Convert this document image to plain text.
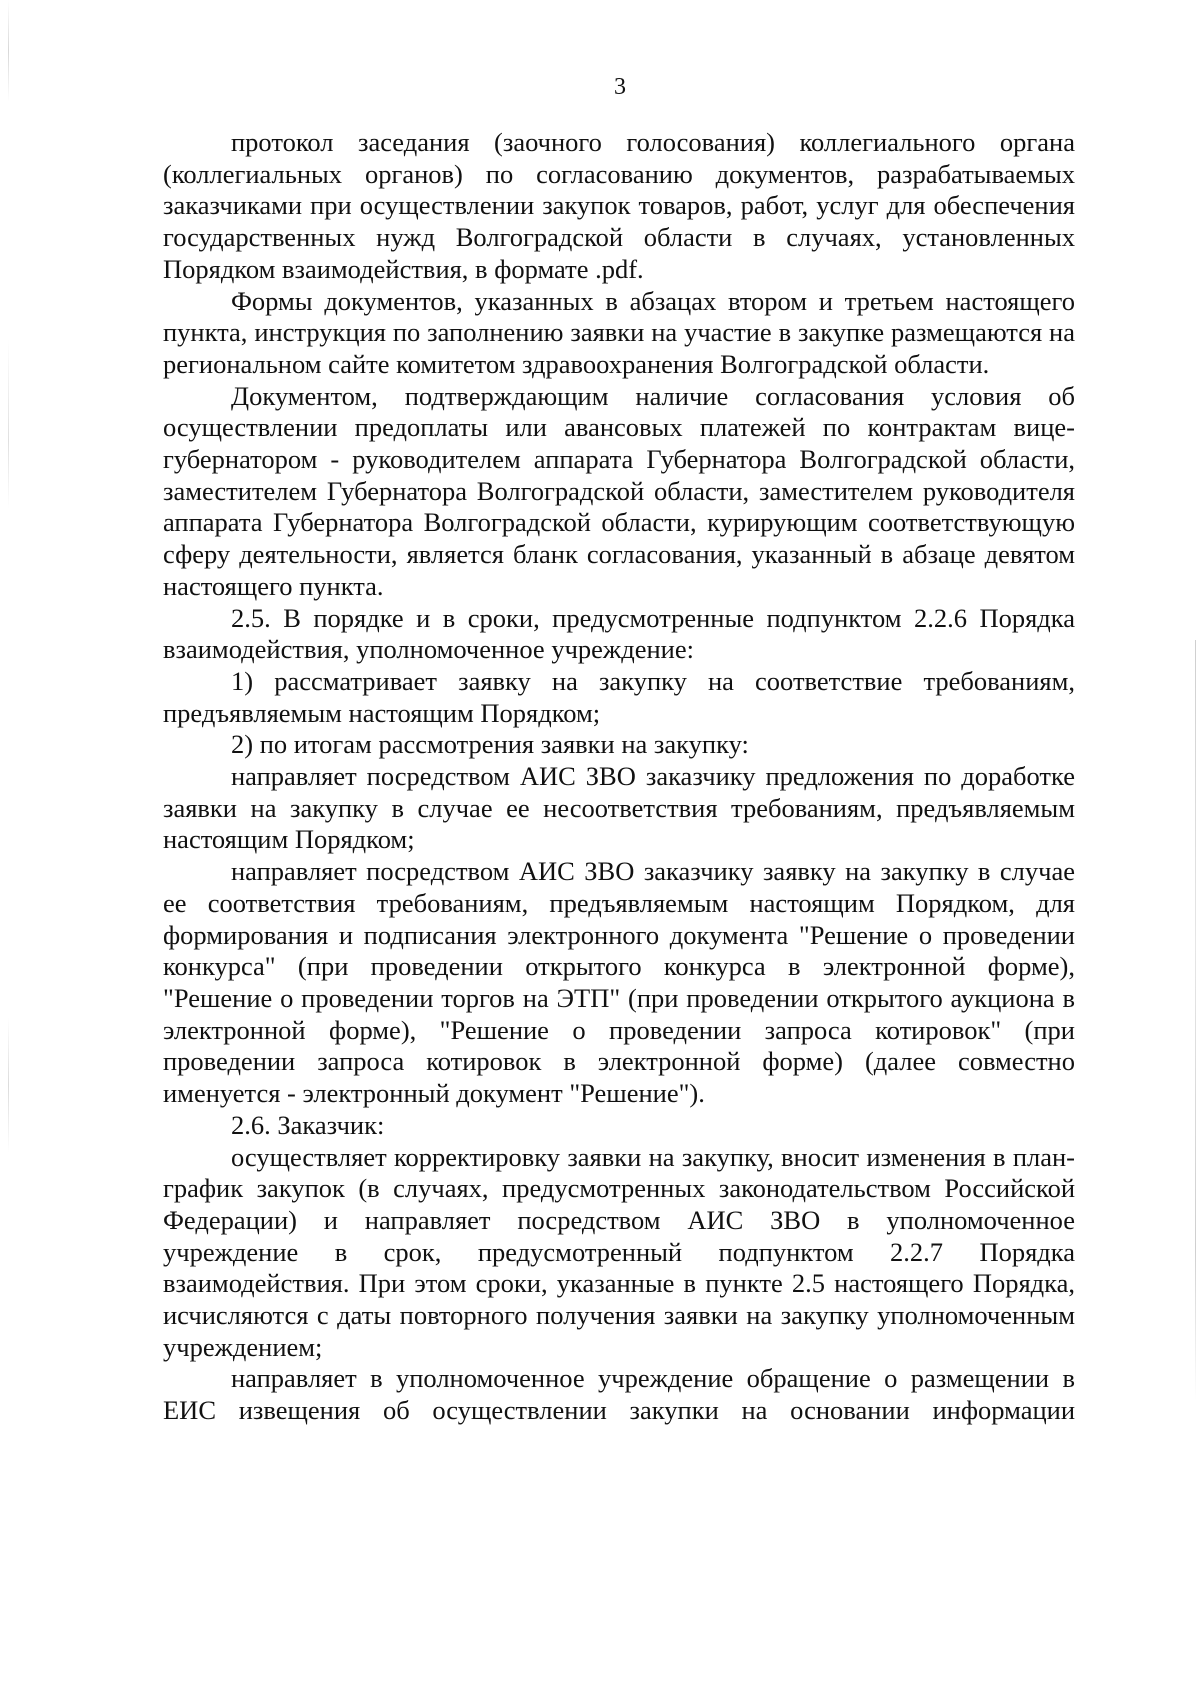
3

протокол заседания (заочного голосования) коллегиального органа (коллегиальных органов) по согласованию документов, разрабатываемых заказчиками при осуществлении закупок товаров, работ, услуг для обеспечения государственных нужд Волгоградской области в случаях, установленных Порядком взаимодействия, в формате .pdf.

Формы документов, указанных в абзацах втором и третьем настоящего пункта, инструкция по заполнению заявки на участие в закупке размещаются на региональном сайте комитетом здравоохранения Волгоградской области.

Документом, подтверждающим наличие согласования условия об осуществлении предоплаты или авансовых платежей по контрактам вице-губернатором - руководителем аппарата Губернатора Волгоградской области, заместителем Губернатора Волгоградской области, заместителем руководителя аппарата Губернатора Волгоградской области, курирующим соответствующую сферу деятельности, является бланк согласования, указанный в абзаце девятом настоящего пункта.

2.5. В порядке и в сроки, предусмотренные подпунктом 2.2.6 Порядка взаимодействия, уполномоченное учреждение:

1) рассматривает заявку на закупку на соответствие требованиям, предъявляемым настоящим Порядком;

2) по итогам рассмотрения заявки на закупку:

направляет посредством АИС ЗВО заказчику предложения по доработке заявки на закупку в случае ее несоответствия требованиям, предъявляемым настоящим Порядком;

направляет посредством АИС ЗВО заказчику заявку на закупку в случае ее соответствия требованиям, предъявляемым настоящим Порядком, для формирования и подписания электронного документа "Решение о проведении конкурса" (при проведении открытого конкурса в электронной форме), "Решение о проведении торгов на ЭТП" (при проведении открытого аукциона в электронной форме), "Решение о проведении запроса котировок" (при проведении запроса котировок в электронной форме) (далее совместно именуется - электронный документ "Решение").

2.6. Заказчик:

осуществляет корректировку заявки на закупку, вносит изменения в план-график закупок (в случаях, предусмотренных законодательством Российской Федерации) и направляет посредством АИС ЗВО в уполномоченное учреждение в срок, предусмотренный подпунктом 2.2.7 Порядка взаимодействия. При этом сроки, указанные в пункте 2.5 настоящего Порядка, исчисляются с даты повторного получения заявки на закупку уполномоченным учреждением;

направляет в уполномоченное учреждение обращение о размещении в ЕИС извещения об осуществлении закупки на основании информации
